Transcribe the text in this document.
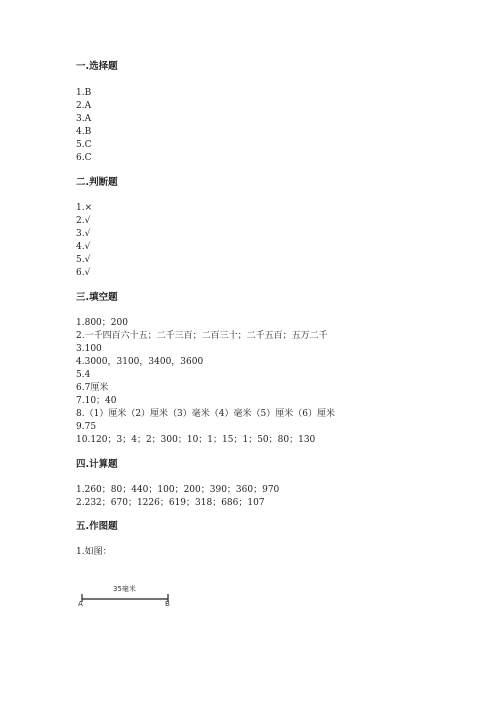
一.选择题
1.B
2.A
3.A
4.B
5.C
6.C
二.判断题
1.×
2.√
3.√
4.√
5.√
6.√
三.填空题
1.800；200
2.一千四百六十五；二千三百；二百三十；二千五百；五万二千
3.100
4.3000，3100，3400，3600
5.4
6.7厘米
7.10；40
8.（1）厘米（2）厘米（3）毫米（4）毫米（5）厘米（6）厘米
9.75
10.120；3；4；2；300；10；1；15；1；50；80；130
四.计算题
1.260；80；440；100；200；390；360；970
2.232；670；1226；619；318；686；107
五.作图题
1.如图：
35毫米
A	B
